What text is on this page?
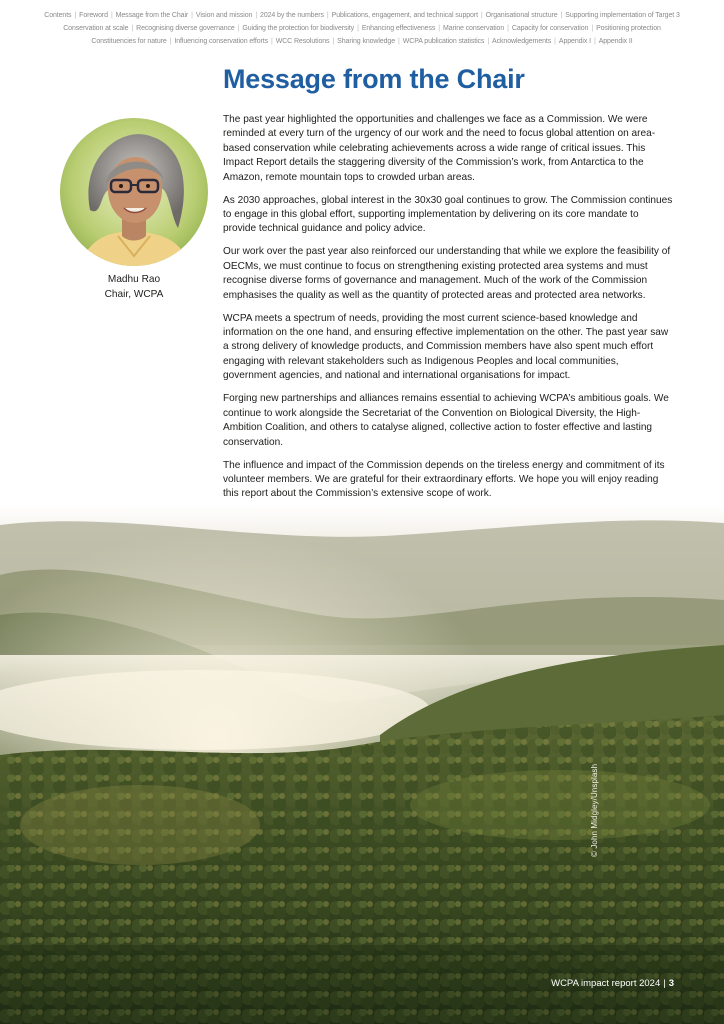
Contents | Foreword | Message from the Chair | Vision and mission | 2024 by the numbers | Publications, engagement, and technical support | Organisational structure | Supporting implementation of Target 3
Conservation at scale | Recognising diverse governance | Guiding the protection for biodiversity | Enhancing effectiveness | Marine conservation | Capacity for conservation | Positioning protection
Constituencies for nature | Influencing conservation efforts | WCC Resolutions | Sharing knowledge | WCPA publication statistics | Acknowledgements | Appendix I | Appendix II
Message from the Chair

The past year highlighted the opportunities and challenges we face as a Commission. We were reminded at every turn of the urgency of our work and the need to focus global attention on area-based conservation while celebrating achievements across a wide range of critical issues. This Impact Report details the staggering diversity of the Commission’s work, from Antarctica to the Amazon, remote mountain tops to crowded urban areas.

As 2030 approaches, global interest in the 30x30 goal continues to grow. The Commission continues to engage in this global effort, supporting implementation by delivering on its core mandate to provide technical guidance and policy advice.

Our work over the past year also reinforced our understanding that while we explore the feasibility of OECMs, we must continue to focus on strengthening existing protected area systems and must recognise diverse forms of governance and management. Much of the work of the Commission emphasises the quality as well as the quantity of protected areas and protected area networks.

WCPA meets a spectrum of needs, providing the most current science-based knowledge and information on the one hand, and ensuring effective implementation on the other. The past year saw a strong delivery of knowledge products, and Commission members have also spent much effort engaging with relevant stakeholders such as Indigenous Peoples and local communities, government agencies, and national and international organisations for impact.

Forging new partnerships and alliances remains essential to achieving WCPA’s ambitious goals. We continue to work alongside the Secretariat of the Convention on Biological Diversity, the High-Ambition Coalition, and others to catalyse aligned, collective action to foster effective and lasting conservation.

The influence and impact of the Commission depends on the tireless energy and commitment of its volunteer members. We are grateful for their extraordinary efforts. We hope you will enjoy reading this report about the Commission’s extensive scope of work.

Madhu Rao
Chair, WCPA
© John Midgley/Unsplash
WCPA impact report 2024 | 3
